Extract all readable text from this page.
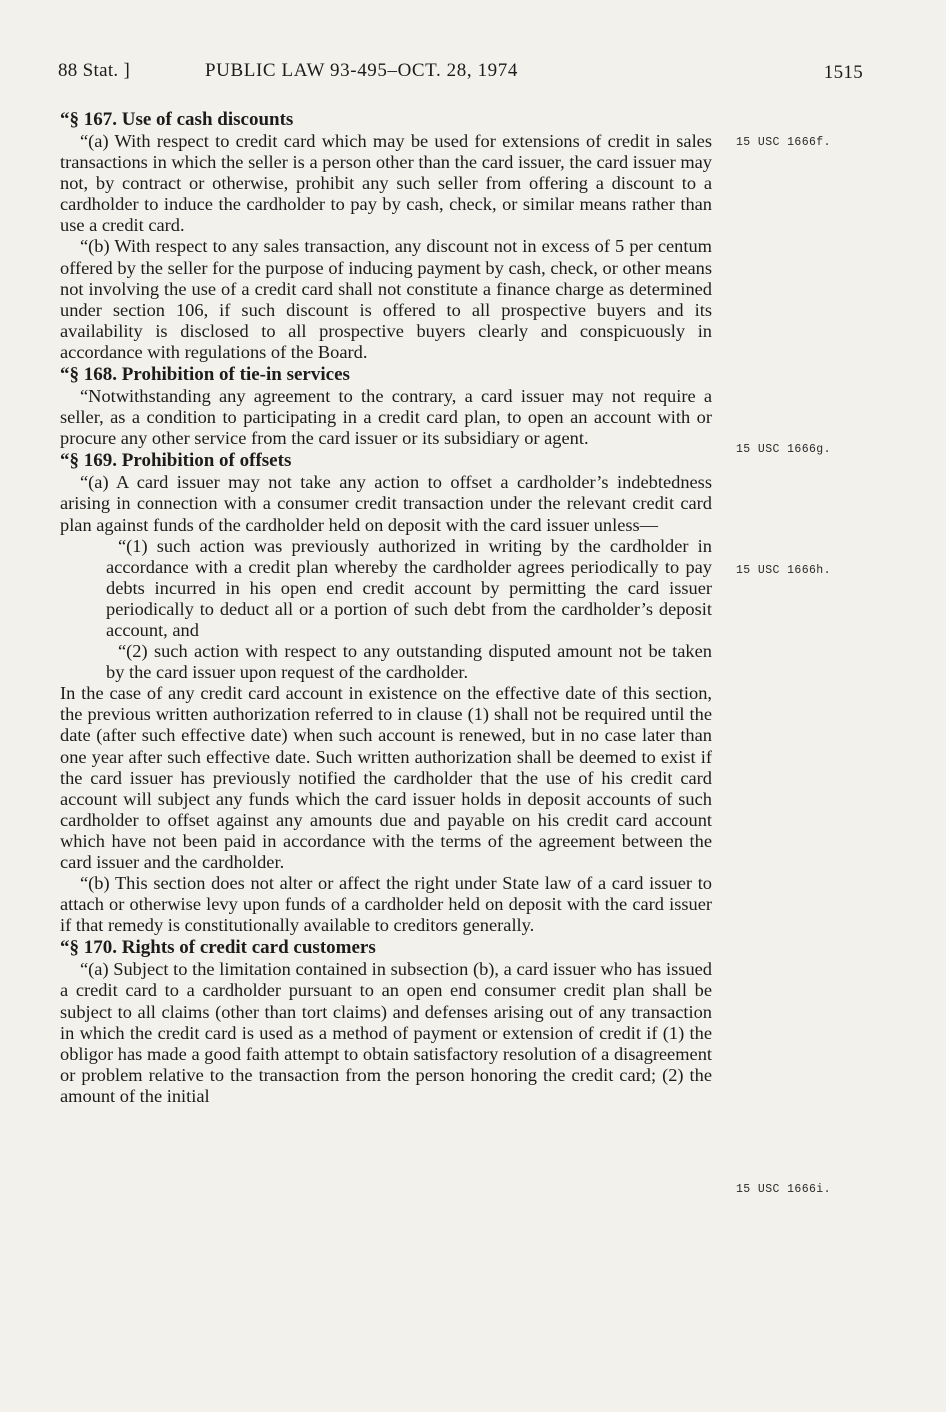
88 Stat. ]	PUBLIC LAW 93-495–OCT. 28, 1974	1515
15 USC 1666f.
15 USC 1666g.
15 USC 1666h.
15 USC 1666i.

“§ 167. Use of cash discounts

“(a) With respect to credit card which may be used for extensions of credit in sales transactions in which the seller is a person other than the card issuer, the card issuer may not, by contract or otherwise, prohibit any such seller from offering a discount to a cardholder to induce the cardholder to pay by cash, check, or similar means rather than use a credit card.

“(b) With respect to any sales transaction, any discount not in excess of 5 per centum offered by the seller for the purpose of inducing payment by cash, check, or other means not involving the use of a credit card shall not constitute a finance charge as determined under section 106, if such discount is offered to all prospective buyers and its availability is disclosed to all prospective buyers clearly and conspicuously in accordance with regulations of the Board.

“§ 168. Prohibition of tie-in services

“Notwithstanding any agreement to the contrary, a card issuer may not require a seller, as a condition to participating in a credit card plan, to open an account with or procure any other service from the card issuer or its subsidiary or agent.

“§ 169. Prohibition of offsets

“(a) A card issuer may not take any action to offset a cardholder’s indebtedness arising in connection with a consumer credit transaction under the relevant credit card plan against funds of the cardholder held on deposit with the card issuer unless—

“(1) such action was previously authorized in writing by the cardholder in accordance with a credit plan whereby the cardholder agrees periodically to pay debts incurred in his open end credit account by permitting the card issuer periodically to deduct all or a portion of such debt from the cardholder’s deposit account, and

“(2) such action with respect to any outstanding disputed amount not be taken by the card issuer upon request of the cardholder.

In the case of any credit card account in existence on the effective date of this section, the previous written authorization referred to in clause (1) shall not be required until the date (after such effective date) when such account is renewed, but in no case later than one year after such effective date. Such written authorization shall be deemed to exist if the card issuer has previously notified the cardholder that the use of his credit card account will subject any funds which the card issuer holds in deposit accounts of such cardholder to offset against any amounts due and payable on his credit card account which have not been paid in accordance with the terms of the agreement between the card issuer and the cardholder.

“(b) This section does not alter or affect the right under State law of a card issuer to attach or otherwise levy upon funds of a cardholder held on deposit with the card issuer if that remedy is constitutionally available to creditors generally.

“§ 170. Rights of credit card customers

“(a) Subject to the limitation contained in subsection (b), a card issuer who has issued a credit card to a cardholder pursuant to an open end consumer credit plan shall be subject to all claims (other than tort claims) and defenses arising out of any transaction in which the credit card is used as a method of payment or extension of credit if (1) the obligor has made a good faith attempt to obtain satisfactory resolution of a disagreement or problem relative to the transaction from the person honoring the credit card; (2) the amount of the initial
